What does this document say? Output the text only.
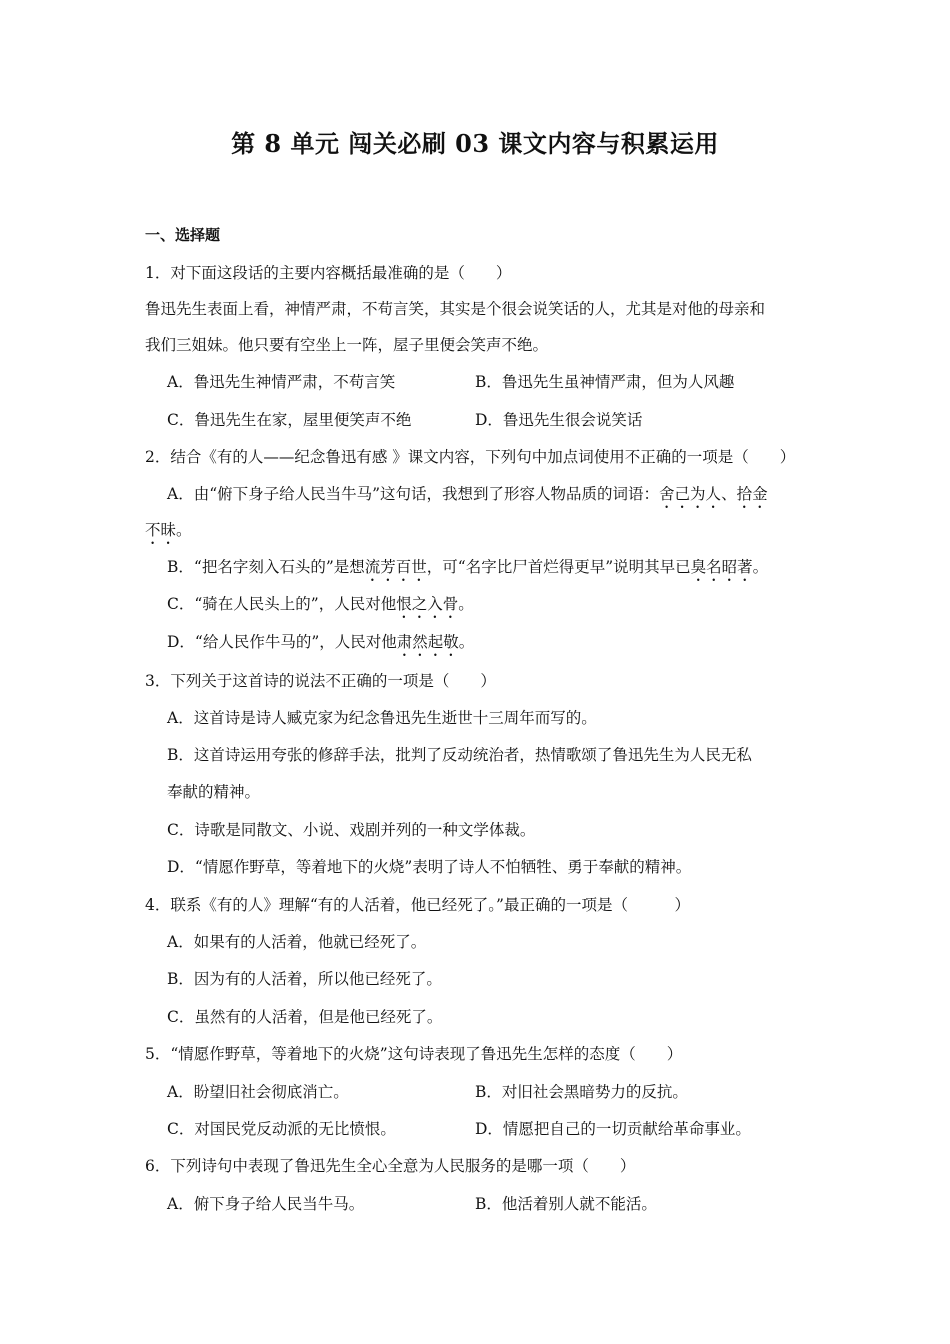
第 8 单元 闯关必刷 03 课文内容与积累运用
一、选择题
1．对下面这段话的主要内容概括最准确的是（　　）
鲁迅先生表面上看，神情严肃，不苟言笑，其实是个很会说笑话的人，尤其是对他的母亲和
我们三姐妹。他只要有空坐上一阵，屋子里便会笑声不绝。
A．鲁迅先生神情严肃，不苟言笑	B．鲁迅先生虽神情严肃，但为人风趣
C．鲁迅先生在家，屋里便笑声不绝	D．鲁迅先生很会说笑话
2．结合《有的人——纪念鲁迅有感 》课文内容，下列句中加点词使用不正确的一项是（　　）
A．由“俯下身子给人民当牛马”这句话，我想到了形容人物品质的词语：舍己为人、拾金
不昧。
B．“把名字刻入石头的”是想流芳百世，可“名字比尸首烂得更早”说明其早已臭名昭著。
C．“骑在人民头上的”，人民对他恨之入骨。
D．“给人民作牛马的”，人民对他肃然起敬。
3．下列关于这首诗的说法不正确的一项是（　　）
A．这首诗是诗人臧克家为纪念鲁迅先生逝世十三周年而写的。
B．这首诗运用夸张的修辞手法，批判了反动统治者，热情歌颂了鲁迅先生为人民无私
奉献的精神。
C．诗歌是同散文、小说、戏剧并列的一种文学体裁。
D．“情愿作野草，等着地下的火烧”表明了诗人不怕牺牲、勇于奉献的精神。
4．联系《有的人》理解“有的人活着，他已经死了。”最正确的一项是（　　　）
A．如果有的人活着，他就已经死了。
B．因为有的人活着，所以他已经死了。
C．虽然有的人活着，但是他已经死了。
5．“情愿作野草，等着地下的火烧”这句诗表现了鲁迅先生怎样的态度（　　）
A．盼望旧社会彻底消亡。	B．对旧社会黑暗势力的反抗。
C．对国民党反动派的无比愤恨。	D．情愿把自己的一切贡献给革命事业。
6．下列诗句中表现了鲁迅先生全心全意为人民服务的是哪一项（　　）
A．俯下身子给人民当牛马。	B．他活着别人就不能活。
